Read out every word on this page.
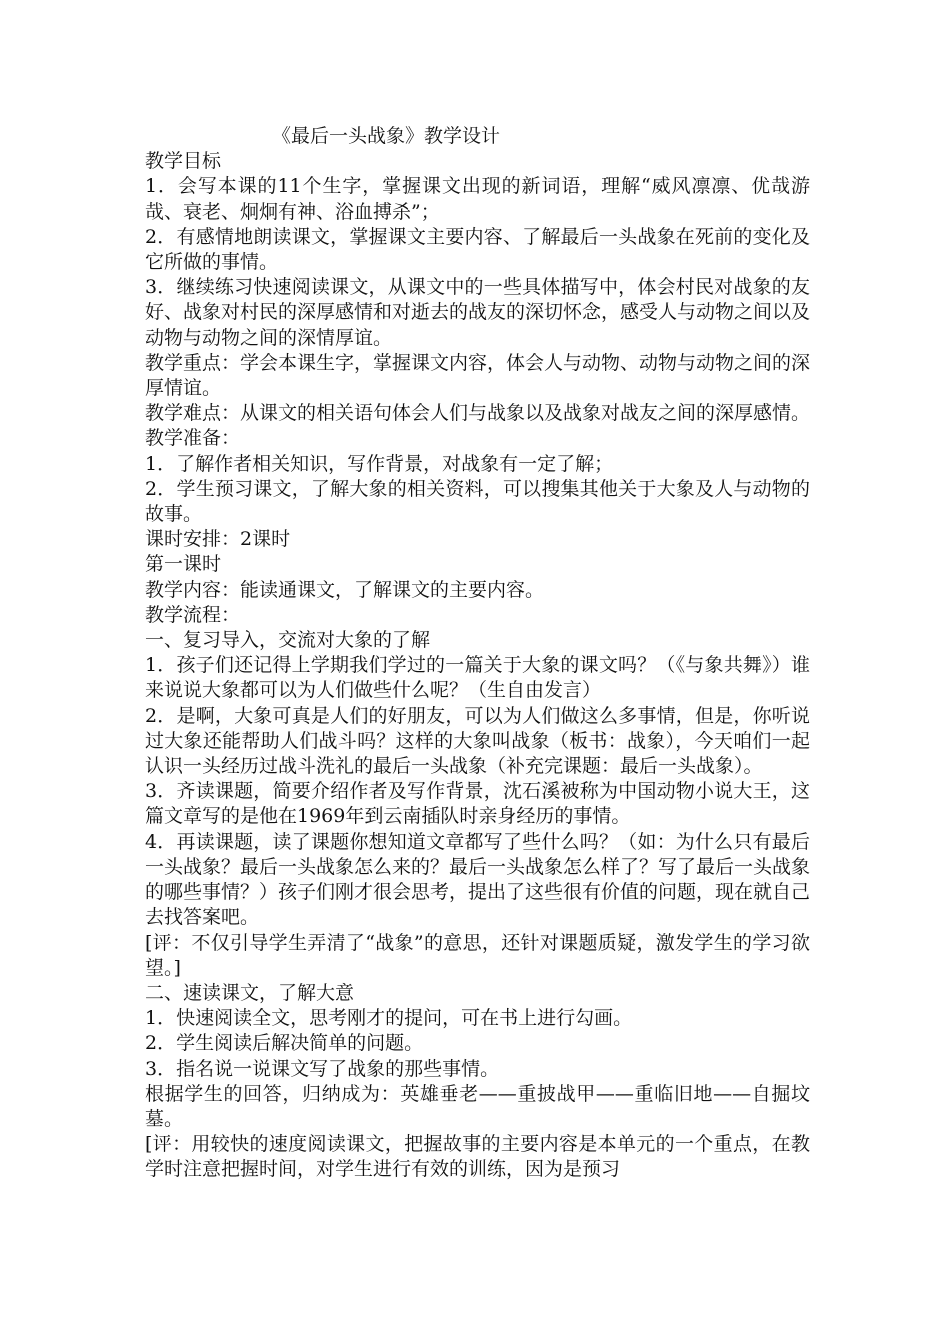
《最后一头战象》教学设计

教学目标

1．会写本课的11个生字，掌握课文出现的新词语，理解“威风凛凛、优哉游哉、衰老、炯炯有神、浴血搏杀”；

2．有感情地朗读课文，掌握课文主要内容、了解最后一头战象在死前的变化及它所做的事情。

3．继续练习快速阅读课文，从课文中的一些具体描写中，体会村民对战象的友好、战象对村民的深厚感情和对逝去的战友的深切怀念，感受人与动物之间以及动物与动物之间的深情厚谊。

教学重点：学会本课生字，掌握课文内容，体会人与动物、动物与动物之间的深厚情谊。

教学难点：从课文的相关语句体会人们与战象以及战象对战友之间的深厚感情。

教学准备：

1．了解作者相关知识，写作背景，对战象有一定了解；

2．学生预习课文，了解大象的相关资料，可以搜集其他关于大象及人与动物的故事。

课时安排：2课时

第一课时

教学内容：能读通课文，了解课文的主要内容。

教学流程：

一、复习导入，交流对大象的了解

1．孩子们还记得上学期我们学过的一篇关于大象的课文吗？（《与象共舞》）谁来说说大象都可以为人们做些什么呢？（生自由发言）

2．是啊，大象可真是人们的好朋友，可以为人们做这么多事情，但是，你听说过大象还能帮助人们战斗吗？这样的大象叫战象（板书：战象），今天咱们一起认识一头经历过战斗洗礼的最后一头战象（补充完课题：最后一头战象）。

3．齐读课题，简要介绍作者及写作背景，沈石溪被称为中国动物小说大王，这篇文章写的是他在1969年到云南插队时亲身经历的事情。

4．再读课题，读了课题你想知道文章都写了些什么吗？（如：为什么只有最后一头战象？最后一头战象怎么来的？最后一头战象怎么样了？写了最后一头战象的哪些事情？）孩子们刚才很会思考，提出了这些很有价值的问题，现在就自己去找答案吧。

[评：不仅引导学生弄清了“战象”的意思，还针对课题质疑，激发学生的学习欲望。]

二、速读课文，了解大意

1．快速阅读全文，思考刚才的提问，可在书上进行勾画。

2．学生阅读后解决简单的问题。

3．指名说一说课文写了战象的那些事情。

根据学生的回答，归纳成为：英雄垂老——重披战甲——重临旧地——自掘坟墓。

[评：用较快的速度阅读课文，把握故事的主要内容是本单元的一个重点，在教学时注意把握时间，对学生进行有效的训练，因为是预习
